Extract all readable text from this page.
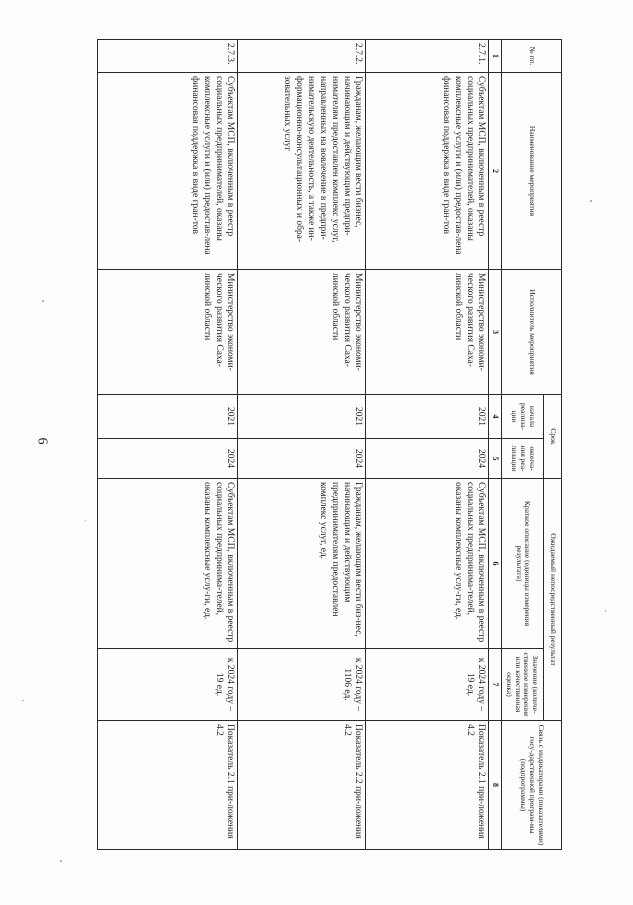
6
№ пп.	Наименование мероприятия	Исполнитель мероприятия	Срок		Ожидаемый непосредственный результат		Связь с индикаторами (показателями) госу-дарственной програм-мы (подпрограммы)
			начала реализа-ции	оконча-ния реа-лизации	Краткое описание (единицы измерения результата)	Значение (количе-ственное измерение или качественная оценка)	
1	2	3	4	5	6	7	8
2.7.1.	Субъектам МСП, включенным в реестр социальных предпринимателей, оказаны комплексные услуги и (или) предостав-лена финансовая поддержка в виде гран-тов	Министерство экономи-ческого развития Саха-линской области	2021	2024	Субъектам МСП, включенным в реестр социальных предпринима-телей, оказаны комплексные услу-ги, ед.	к 2024 году – 19 ед.	Показатель 2.1 при-ложения 4.2
2.7.2.	Гражданам, желающим вести бизнес, начинающим и действующим предпри-нимателям предоставлен комплекс услуг, направленных на вовлечение в предпри-нимательскую деятельность, а также ин-формационно-консультационных и обра-зовательных услуг	Министерство экономи-ческого развития Саха-линской области	2021	2024	Гражданам, желающим вести биз-нес, начинающим и действующим предпринимателям предоставлен комплекс услуг, ед.	к 2024 году – 1106 ед.	Показатель 2.2 при-ложения 4.2
2.7.3.	Субъектам МСП, включенным в реестр социальных предпринимателей, оказаны комплексные услуги и (или) предостав-лена финансовая поддержка в виде гран-тов	Министерство экономи-ческого развития Саха-линской области	2021	2024	Субъектам МСП, включенным в реестр социальных предпринима-телей, оказаны комплексные услу-ги, ед.	к 2024 году – 19 ед.	Показатель 2.1 при-ложения 4.2
